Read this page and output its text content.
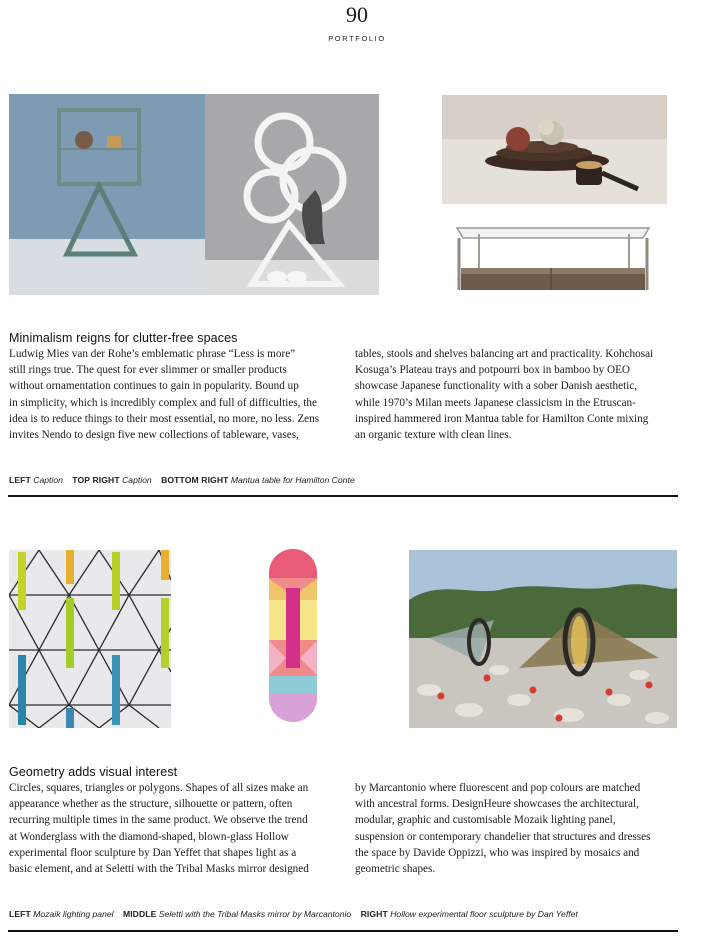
90
PORTFOLIO
Minimalism reigns for clutter-free spaces
Ludwig Mies van der Rohe’s emblematic phrase “Less is more”
still rings true. The quest for ever slimmer or smaller products
without ornamentation continues to gain in popularity. Bound up
in simplicity, which is incredibly complex and full of difficulties, the
idea is to reduce things to their most essential, no more, no less. Zens
invites Nendo to design five new collections of tableware, vases,
tables, stools and shelves balancing art and practicality. Kohchosai
Kosuga’s Plateau trays and potpourri box in bamboo by OEO
showcase Japanese functionality with a sober Danish aesthetic,
while 1970’s Milan meets Japanese classicism in the Etruscan-
inspired hammered iron Mantua table for Hamilton Conte mixing
an organic texture with clean lines.
LEFT Caption TOP RIGHT Caption BOTTOM RIGHT Mantua table for Hamilton Conte
Geometry adds visual interest
Circles, squares, triangles or polygons. Shapes of all sizes make an
appearance whether as the structure, silhouette or pattern, often
recurring multiple times in the same product. We observe the trend
at Wonderglass with the diamond-shaped, blown-glass Hollow
experimental floor sculpture by Dan Yeffet that shapes light as a
basic element, and at Seletti with the Tribal Masks mirror designed
by Marcantonio where fluorescent and pop colours are matched
with ancestral forms. DesignHeure showcases the architectural,
modular, graphic and customisable Mozaik lighting panel,
suspension or contemporary chandelier that structures and dresses
the space by Davide Oppizzi, who was inspired by mosaics and
geometric shapes.
LEFT Mozaik lighting panel MIDDLE Seletti with the Tribal Masks mirror by Marcantonio RIGHT Hollow experimental floor sculpture by Dan Yeffet
